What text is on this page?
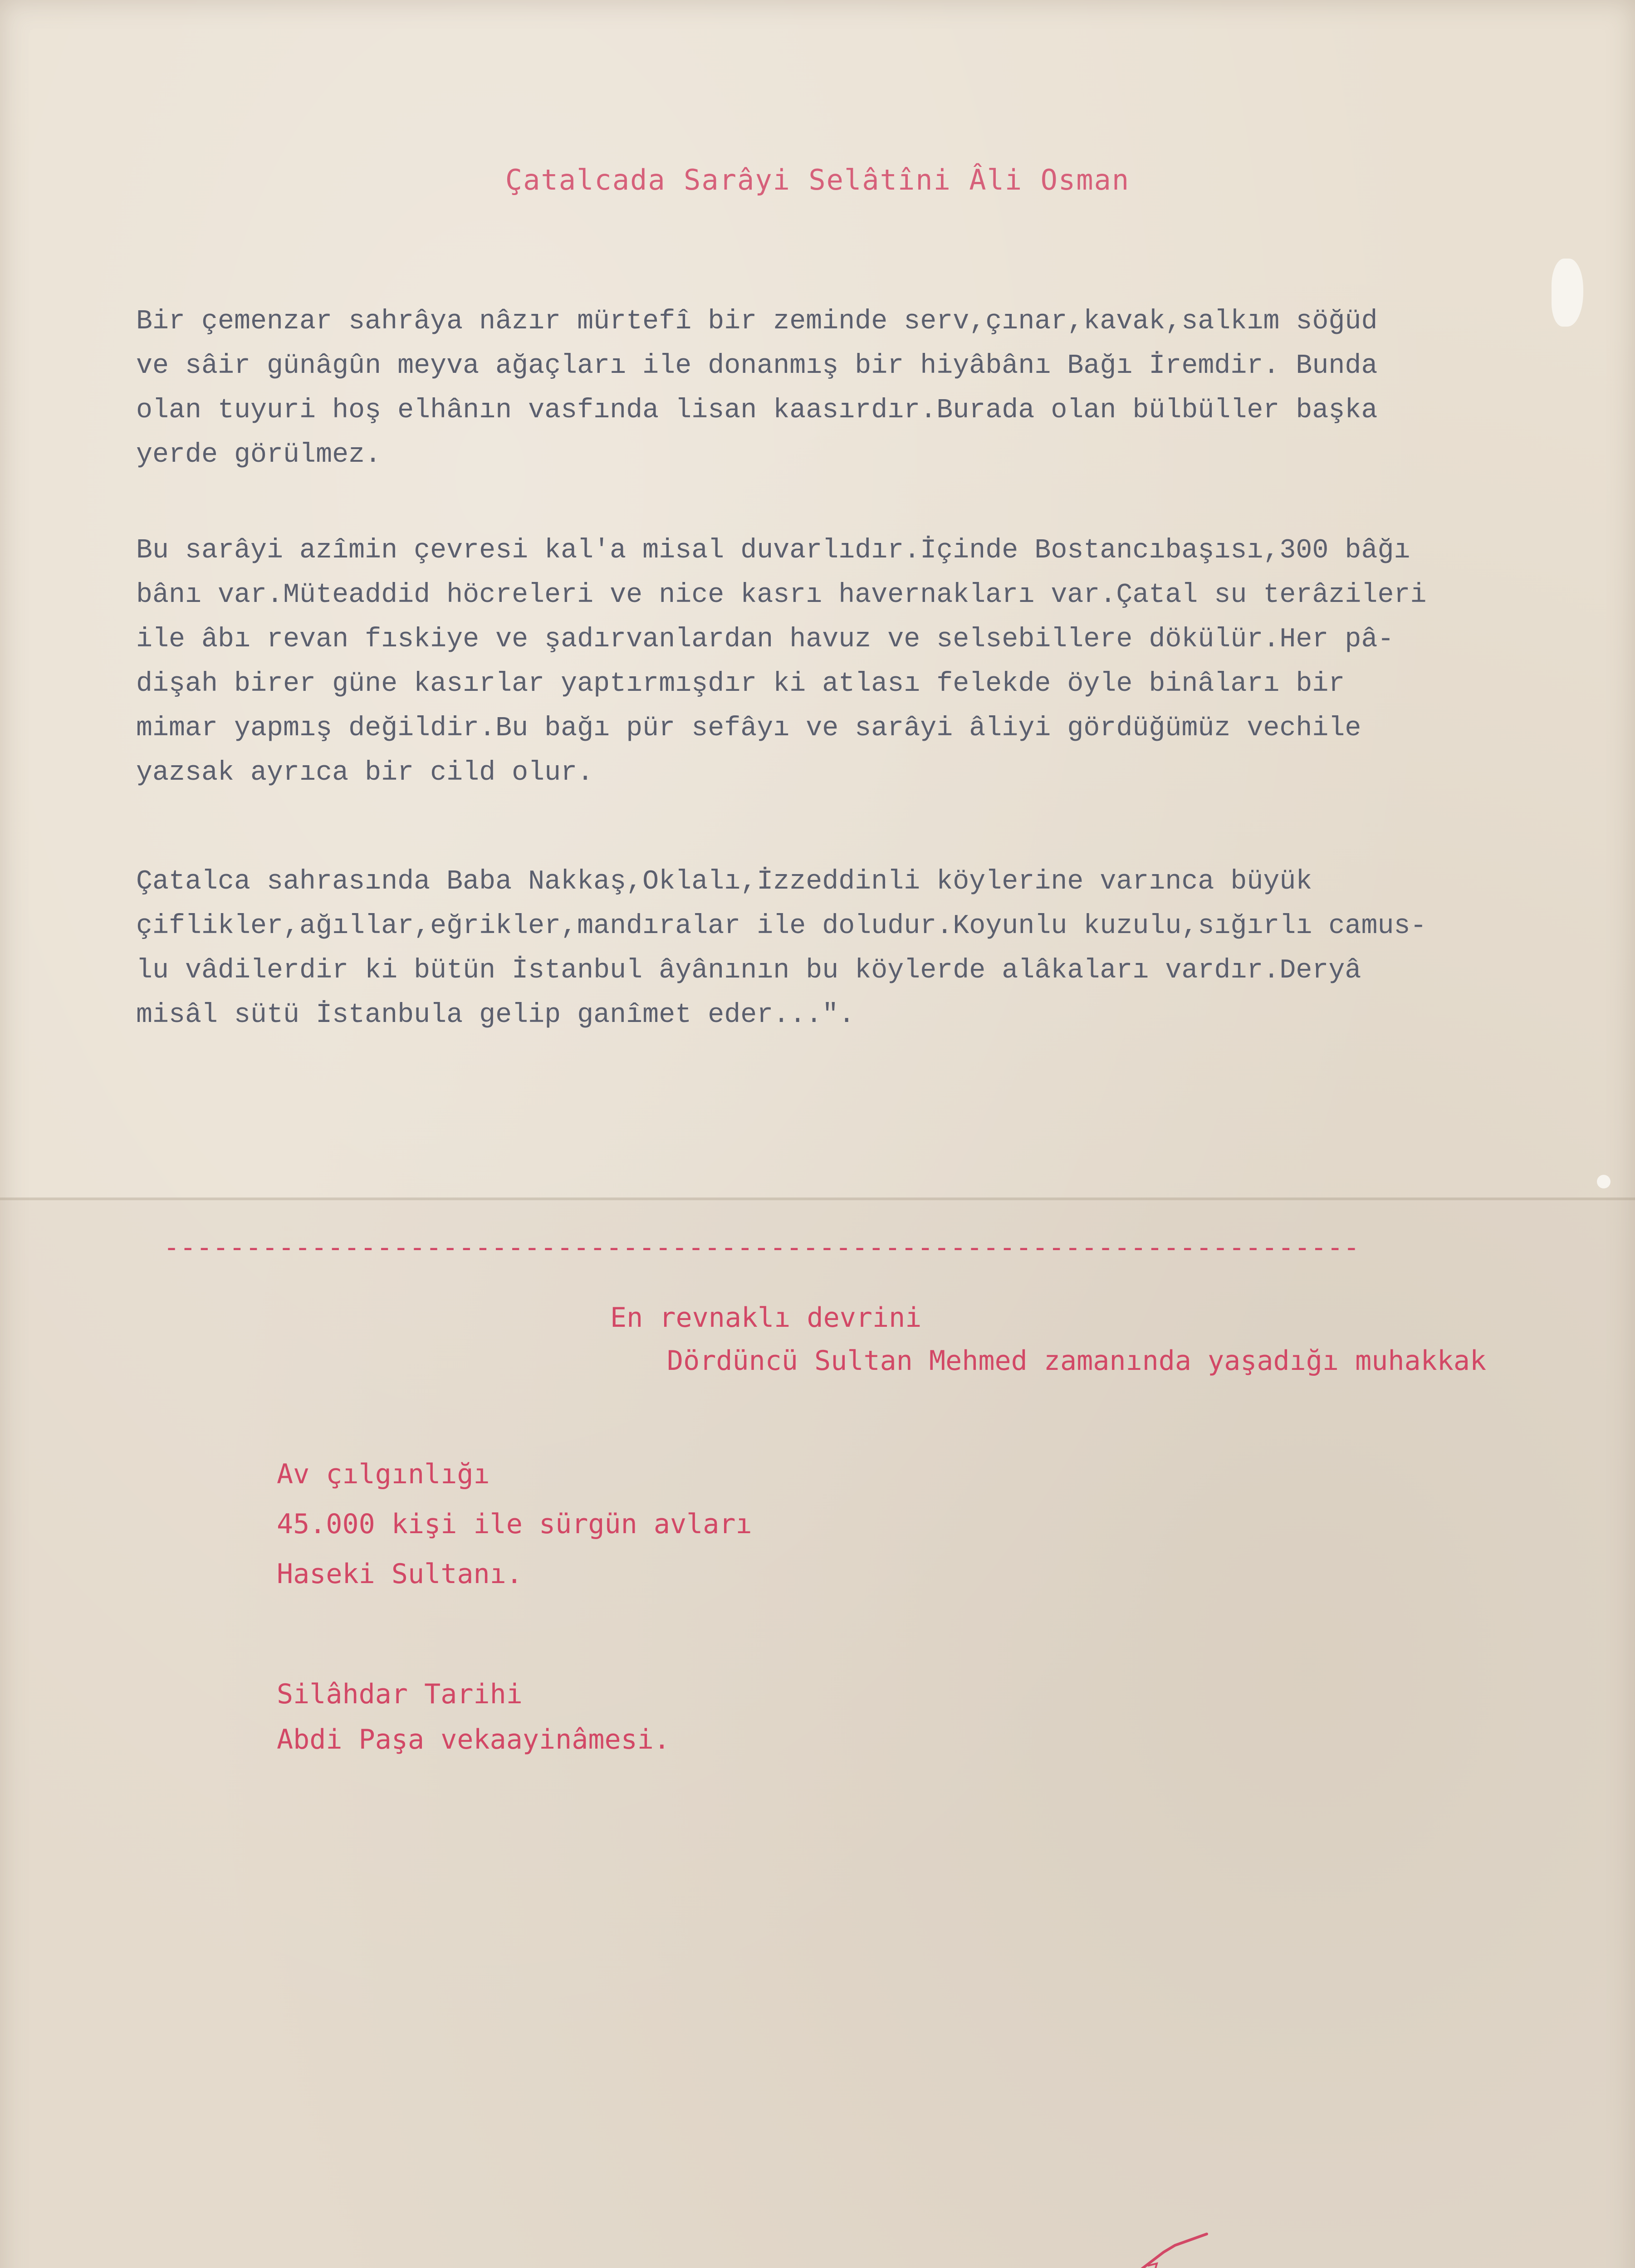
Çatalcada Sarâyi Selâtîni Âli Osman
Bir çemenzar sahrâya nâzır mürtefî bir zeminde serv,çınar,kavak,salkım söğüd
ve sâir günâgûn meyva ağaçları ile donanmış bir hiyâbânı Bağı İremdir. Bunda
olan tuyuri hoş elhânın vasfında lisan kaasırdır.Burada olan bülbüller başka
yerde görülmez.
Bu sarâyi azîmin çevresi kal'a misal duvarlıdır.İçinde Bostancıbaşısı,300 bâğı
bânı var.Müteaddid höcreleri ve nice kasrı havernakları var.Çatal su terâzileri
ile âbı revan fıskiye ve şadırvanlardan havuz ve selsebillere dökülür.Her pâ-
dişah birer güne kasırlar yaptırmışdır ki atlası felekde öyle binâları bir
mimar yapmış değildir.Bu bağı pür sefâyı ve sarâyi âliyi gördüğümüz vechile
yazsak ayrıca bir cild olur.
Çatalca sahrasında Baba Nakkaş,Oklalı,İzzeddinli köylerine varınca büyük
çiflikler,ağıllar,eğrikler,mandıralar ile doludur.Koyunlu kuzulu,sığırlı camus-
lu vâdilerdir ki bütün İstanbul âyânının bu köylerde alâkaları vardır.Deryâ
misâl sütü İstanbula gelip ganîmet eder...".
-------------------------------------------------------------------------
En revnaklı devrini
Dördüncü Sultan Mehmed zamanında yaşadığı muhakkak
Av çılgınlığı
45.000 kişi ile sürgün avları
Haseki Sultanı.
Silâhdar Tarihi
Abdi Paşa vekaayinâmesi.
